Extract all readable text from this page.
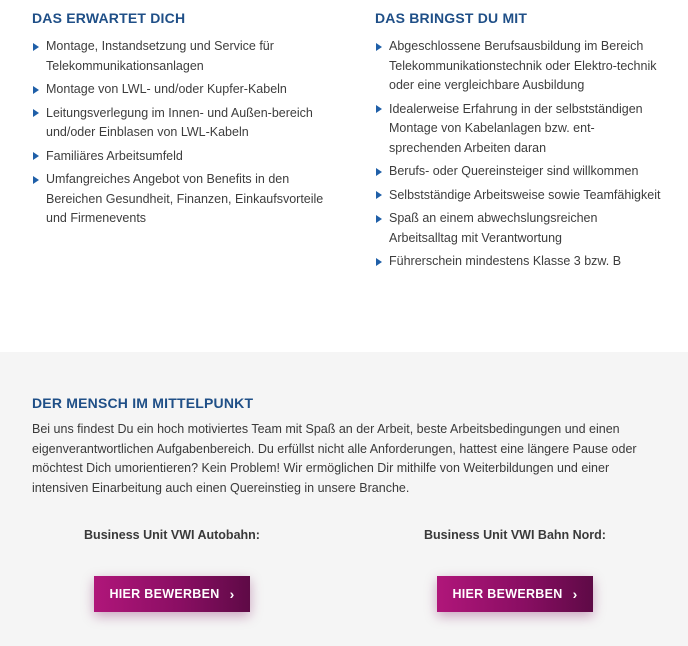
DAS ERWARTET DICH
Montage, Instandsetzung und Service für Telekommunikationsanlagen
Montage von LWL- und/oder Kupfer-Kabeln
Leitungsverlegung im Innen- und Außen-bereich und/oder Einblasen von LWL-Kabeln
Familiäres Arbeitsumfeld
Umfangreiches Angebot von Benefits in den Bereichen Gesundheit, Finanzen, Einkaufsvorteile und Firmenevents
DAS BRINGST DU MIT
Abgeschlossene Berufsausbildung im Bereich Telekommunikationstechnik oder Elektro-technik oder eine vergleichbare Ausbildung
Idealerweise Erfahrung in der selbstständigen Montage von Kabelanlagen bzw. ent-sprechenden Arbeiten daran
Berufs- oder Quereinsteiger sind willkommen
Selbstständige Arbeitsweise sowie Teamfähigkeit
Spaß an einem abwechslungsreichen Arbeitsalltag mit Verantwortung
Führerschein mindestens Klasse 3 bzw. B
DER MENSCH IM MITTELPUNKT

Bei uns findest Du ein hoch motiviertes Team mit Spaß an der Arbeit, beste Arbeitsbedingungen und einen eigenverantwortlichen Aufgabenbereich. Du erfüllst nicht alle Anforderungen, hattest eine längere Pause oder möchtest Dich umorientieren? Kein Problem! Wir ermöglichen Dir mithilfe von Weiterbildungen und einer intensiven Einarbeitung auch einen Quereinstieg in unsere Branche.

Business Unit VWI Autobahn:	Business Unit VWI Bahn Nord:
HIER BEWERBEN ›	HIER BEWERBEN ›
